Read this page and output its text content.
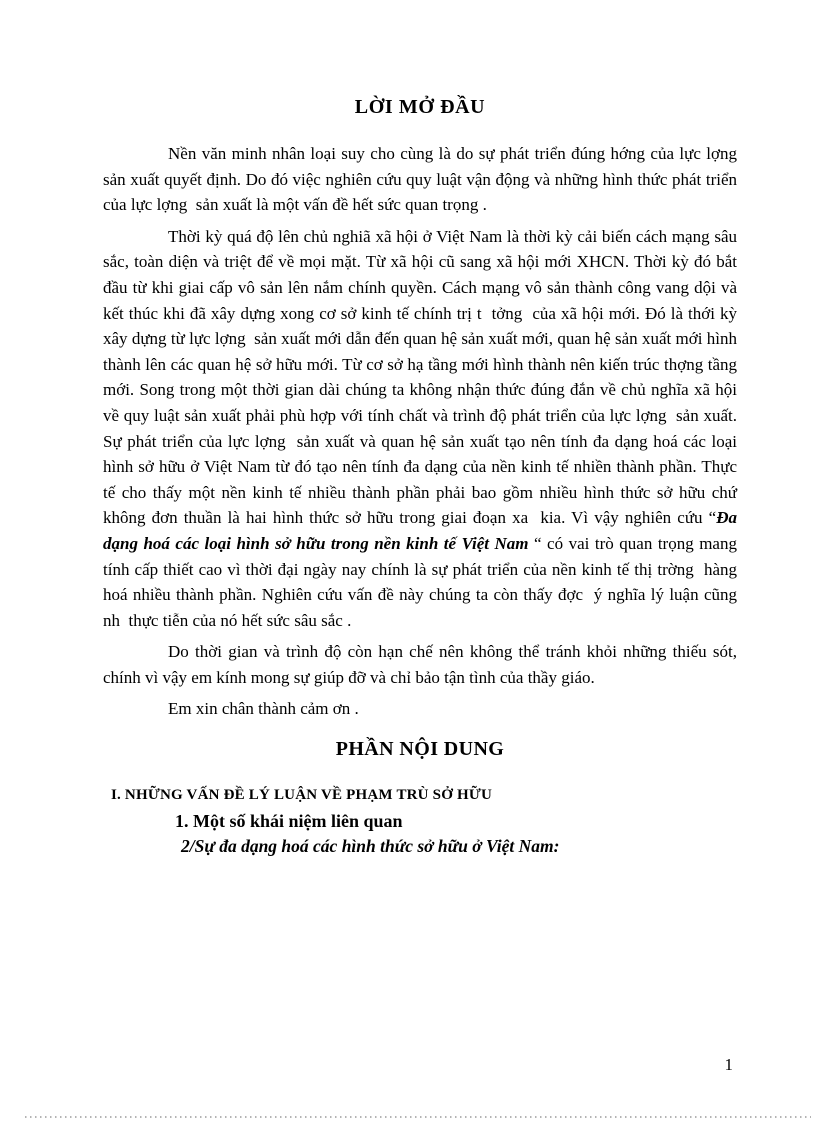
LỜI MỞ ĐẦU

Nền văn minh nhân loại suy cho cùng là do sự phát triển đúng hớng của lực lợng  sản xuất quyết định. Do đó việc nghiên cứu quy luật vận động và những hình thức phát triển của lực lợng  sản xuất là một vấn đề hết sức quan trọng .

Thời kỳ quá độ lên chủ nghiã xã hội ở Việt Nam là thời kỳ cải biến cách mạng sâu sắc, toàn diện và triệt để về mọi mặt. Từ xã hội cũ sang xã hội mới XHCN. Thời kỳ đó bắt đầu từ khi giai cấp vô sản lên nắm chính quyền. Cách mạng vô sản thành công vang dội và kết thúc khi đã xây dựng xong cơ sở kinh tế chính trị t  tởng  của xã hội mới. Đó là thới kỳ xây dựng từ lực lợng  sản xuất mới dẫn đến quan hệ sản xuất mới, quan hệ sản xuất mới hình thành lên các quan hệ sở hữu mới. Từ cơ sở hạ tầng mới hình thành nên kiến trúc thợng tầng mới. Song trong một thời gian dài chúng ta không nhận thức đúng đắn về chủ nghĩa xã hội về quy luật sản xuất phải phù hợp với tính chất và trình độ phát triển của lực lợng  sản xuất. Sự phát triển của lực lợng  sản xuất và quan hệ sản xuất tạo nên tính đa dạng hoá các loại hình sở hữu ở Việt Nam từ đó tạo nên tính đa dạng của nền kinh tế nhiền thành phần. Thực tế cho thấy một nền kinh tế nhiều thành phần phải bao gồm nhiều hình thức sở hữu chứ không đơn thuần là hai hình thức sở hữu trong giai đoạn xa  kia. Vì vậy nghiên cứu “Đa dạng hoá các loại hình sở hữu trong nền kinh tế Việt Nam “ có vai trò quan trọng mang tính cấp thiết cao vì thời đại ngày nay chính là sự phát triển của nền kinh tế thị trờng  hàng hoá nhiều thành phần. Nghiên cứu vấn đề này chúng ta còn thấy đợc  ý nghĩa lý luận cũng nh  thực tiễn của nó hết sức sâu sắc .

Do thời gian và trình độ còn hạn chế nên không thể tránh khỏi những thiếu sót, chính vì vậy em kính mong sự giúp đỡ và chỉ bảo tận tình của thầy giáo.

Em xin chân thành cảm ơn .

PHẦN NỘI DUNG
I. NHỮNG VẤN ĐỀ LÝ LUẬN VỀ PHẠM TRÙ SỞ HỮU
1. Một số khái niệm liên quan
2/Sự đa dạng hoá các hình thức sở hữu ở Việt Nam:
1
